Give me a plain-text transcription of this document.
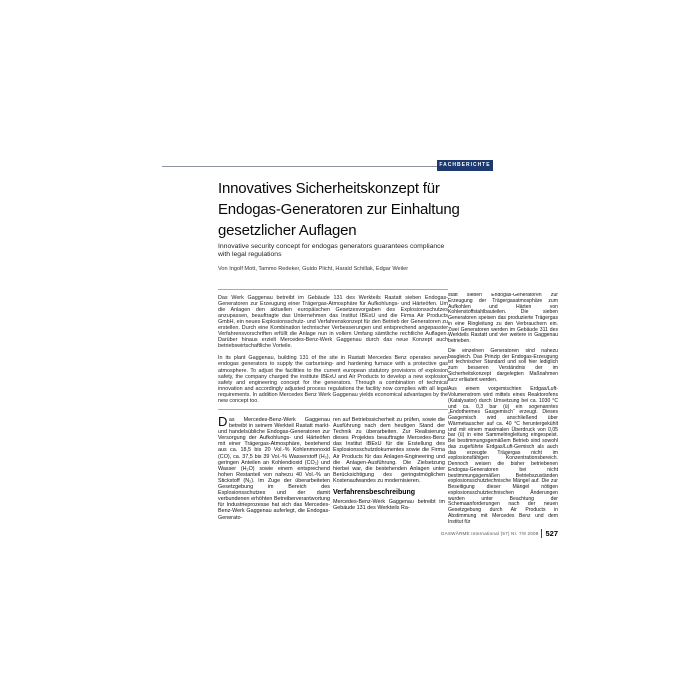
FACHBERICHTE
Innovatives Sicherheitskonzept für
Endogas-Generatoren zur Einhaltung
gesetzlicher Auflagen
Innovative security concept for endogas generators guarantees compliance
with legal regulations
Von Ingolf Mott, Tammo Redeker, Guido Plicht, Harald Schillak, Edgar Weiler

Das Werk Gaggenau betreibt im Gebäude 131 des Werkteils Rastatt sieben Endogas-Generatoren zur Erzeugung einer Trägergas-Atmosphäre für Aufkohlungs- und Härteöfen. Um die Anlagen den aktuellen europäischen Gesetzesvorgaben des Explosionsschutzes anzupassen, beauftragte das Unternehmen das Institut IBExU und die Firma Air Products GmbH, ein neues Explosionsschutz- und Verfahrenskonzept für den Betrieb der Generatoren zu erstellen. Durch eine Kombination technischer Verbesserungen und entsprechend angepasster Verfahrensvorschriften erfüllt die Anlage nun in vollem Umfang sämtliche rechtliche Auflagen. Darüber hinaus erzielt Mercedes-Benz-Werk Gaggenau durch das neue Konzept auch betriebswirtschaftliche Vorteile.

In its plant Gaggenau, building 131 of the site in Rastatt Mercedes Benz operates seven endogas generators to supply the carburising- and hardening furnace with a protective gas atmosphere. To adjust the facilities to the current european statutory provisions of explosion safety, the company charged the institute IBExU and Air Products to develop a new explosion safety and engineering concept for the generators. Through a combination of technical innovation and accordingly adjusted process regulations the facility now complies with all legal requirements. In addition Mercedes Benz Werk Gaggenau yields economical advantages by the new concept too.

Das Mercedes-Benz-Werk Gaggenau betreibt in seinem Werkteil Rastatt markt- und handelsübliche Endogas-Generatoren zur Versorgung der Aufkohlungs- und Härteöfen mit einer Trägergas-Atmosphäre, bestehend aus ca. 18,5 bis 20 Vol.-% Kohlenmonoxid (CO), ca. 37,5 bis 39 Vol.-% Wasserstoff (H₂), geringen Anteilen an Kohlendioxid (CO₂) und Wasser (H₂O) sowie einem entsprechend hohen Restanteil von nahezu 40 Vol.-% an Stickstoff (N₂). Im Zuge der überarbeiteten Gesetzgebung im Bereich des Explosionsschutzes und der damit verbundenen erhöhten Betreiberverantwortung für Industrieprozesse hat sich das Mercedes-Benz-Werk Gaggenau auferlegt, die Endogas-Generato-

ren auf Betriebssicherheit zu prüfen, sowie die Ausführung nach dem heutigen Stand der Technik zu überarbeiten. Zur Realisierung dieses Projektes beauftragte Mercedes-Benz das Institut IBExU für die Erstellung des Explosionsschutzdokumentes sowie die Firma Air Products für das Anlagen-Engineering und die Anlagen-Ausführung. Die Zielsetzung hierbei war, die bestehenden Anlagen unter Berücksichtigung des geringstmöglichen Kostenaufwandes zu modernisieren.

Verfahrensbeschreibung

Mercedes-Benz-Werk Gaggenau betreibt im Gebäude 131 des Werkteils Ra-

statt sieben Endogas-Generatoren zur Erzeugung der Trägergasatmosphäre zum Aufkohlen und Härten von Kohlenstoffstahlbauteilen. Die sieben Generatoren speisen das produzierte Trägergas in eine Ringleitung zu den Verbrauchern ein. Zwei Generatoren werden im Gebäude 311 des Werkteils Rastatt und vier weitere in Gaggenau betrieben.

Die einzelnen Generatoren sind nahezu baugleich. Das Prinzip der Endogas-Erzeugung ist technischer Standard und soll hier lediglich zum besseren Verständnis der im Sicherheitskonzept dargelegten Maßnahmen kurz erläutert werden.

Aus einem vorgemischten Erdgas/Luft-Volumenstrom wird mittels eines Reaktorofens (Katalysator) durch Umsetzung bei ca. 1030 °C und ca. 0,3 bar (ü) ein sogenanntes „Endothermes Gasgemisch“ erzeugt. Dieses Gasgemisch wird anschließend über Wärmetauscher auf ca. 40 °C heruntergekühlt und mit einem maximalen Überdruck von 0,05 bar (ü) in eine Sammelringleitung eingespeist. Bei bestimmungsgemäßem Betrieb sind sowohl das zugeführte Erdgas/Luft-Gemisch als auch das erzeugte Trägergas nicht im explosionsfähigen Konzentrationsbereich. Dennoch weisen die bisher betriebenen Endogas-Generatoren bei nicht bestimmungsgemäßen Betriebszuständen explosionsschutztechnische Mängel auf. Die zur Beseitigung dieser Mängel nötigen explosionsschutztechnischen Änderungen wurden unter Beachtung der Schemaanforderungen nach der neuen Gesetzgebung durch Air Products in Abstimmung mit Mercedes Benz und dem Institut für

GASWÄRME International (57) Nr. 7/8 2008 527
